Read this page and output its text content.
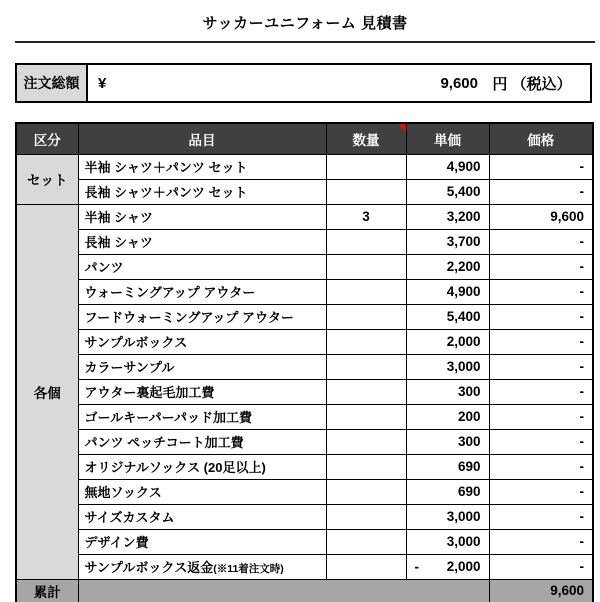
サッカーユニフォーム 見積書
注文総額	¥	9,600 円 （税込）
区分	品目	数量	単価	価格
セット	半袖 シャツ＋パンツ セット		4,900	-
	長袖 シャツ＋パンツ セット		5,400	-
各個	半袖 シャツ	3	3,200	9,600
	長袖 シャツ		3,700	-
	パンツ		2,200	-
	ウォーミングアップ アウター		4,900	-
	フードウォーミングアップ アウター		5,400	-
	サンプルボックス		2,000	-
	カラーサンプル		3,000	-
	アウター裏起毛加工費		300	-
	ゴールキーパーパッド加工費		200	-
	パンツ ペッチコート加工費		300	-
	オリジナルソックス (20足以上)		690	-
	無地ソックス		690	-
	サイズカスタム		3,000	-
	デザイン費		3,000	-
	サンプルボックス返金(※11着注文時)		- 2,000	-
累計				9,600
